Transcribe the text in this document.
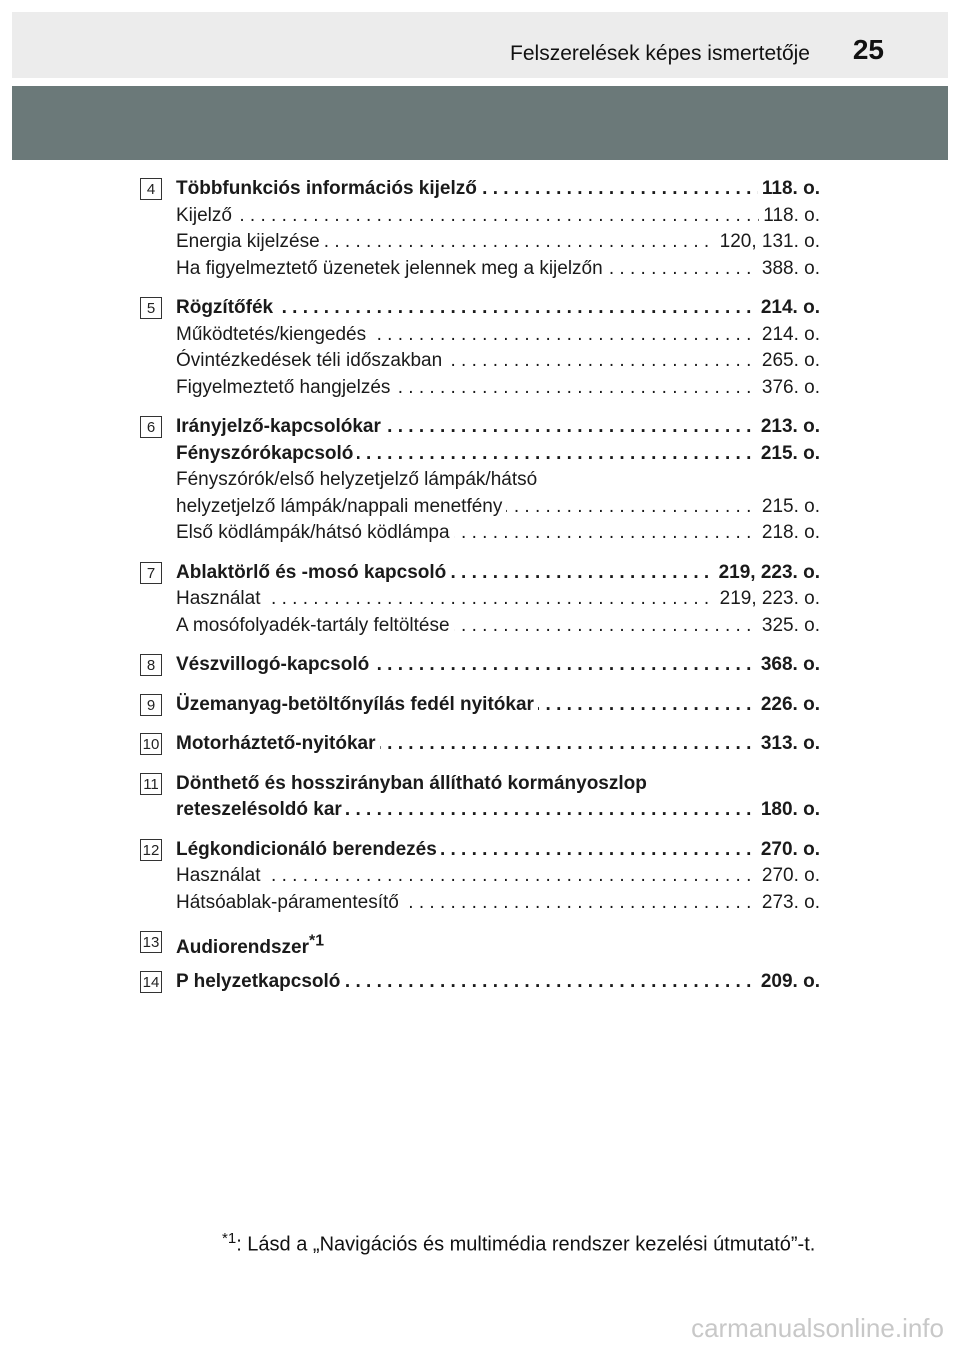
Felszerelések képes ismertetője 25
4	Többfunkciós információs kijelző	118. o.
. . .
Kijelző	118. o.
. . .
Energia kijelzése	120, 131. o.
. . .
Ha figyelmeztető üzenetek jelennek meg a kijelzőn	388. o.
. . .
5	Rögzítőfék	214. o.
. . .
Működtetés/kiengedés	214. o.
. . .
Óvintézkedések téli időszakban	265. o.
. . .
Figyelmeztető hangjelzés	376. o.
. . .
6	Irányjelző-kapcsolókar	213. o.
. . .
Fényszórókapcsoló	215. o.
. . .
Fényszórók/első helyzetjelző lámpák/hátsó
helyzetjelző lámpák/nappali menetfény	215. o.
. . .
Első ködlámpák/hátsó ködlámpa	218. o.
. . .
7	Ablaktörlő és -mosó kapcsoló	219, 223. o.
. . .
Használat	219, 223. o.
. . .
A mosófolyadék-tartály feltöltése	325. o.
. . .
8	Vészvillogó-kapcsoló	368. o.
. . .
9	Üzemanyag-betöltőnyílás fedél nyitókar	226. o.
. . .
10 Motorháztető-nyitókar	313. o.
. . .
11 Dönthető és hosszirányban állítható kormányoszlop
reteszelésoldó kar	180. o.
. . .
12 Légkondicionáló berendezés	270. o.
. . .
Használat	270. o.
. . .
Hátsóablak-páramentesítő	273. o.
. . .
13 Audiorendszer$^{*1}$
14 P helyzetkapcsoló	209. o.
. . .
$^{*1}$: Lásd a „Navigációs és multimédia rendszer kezelési útmutató”-t.
carmanualsonline.info
